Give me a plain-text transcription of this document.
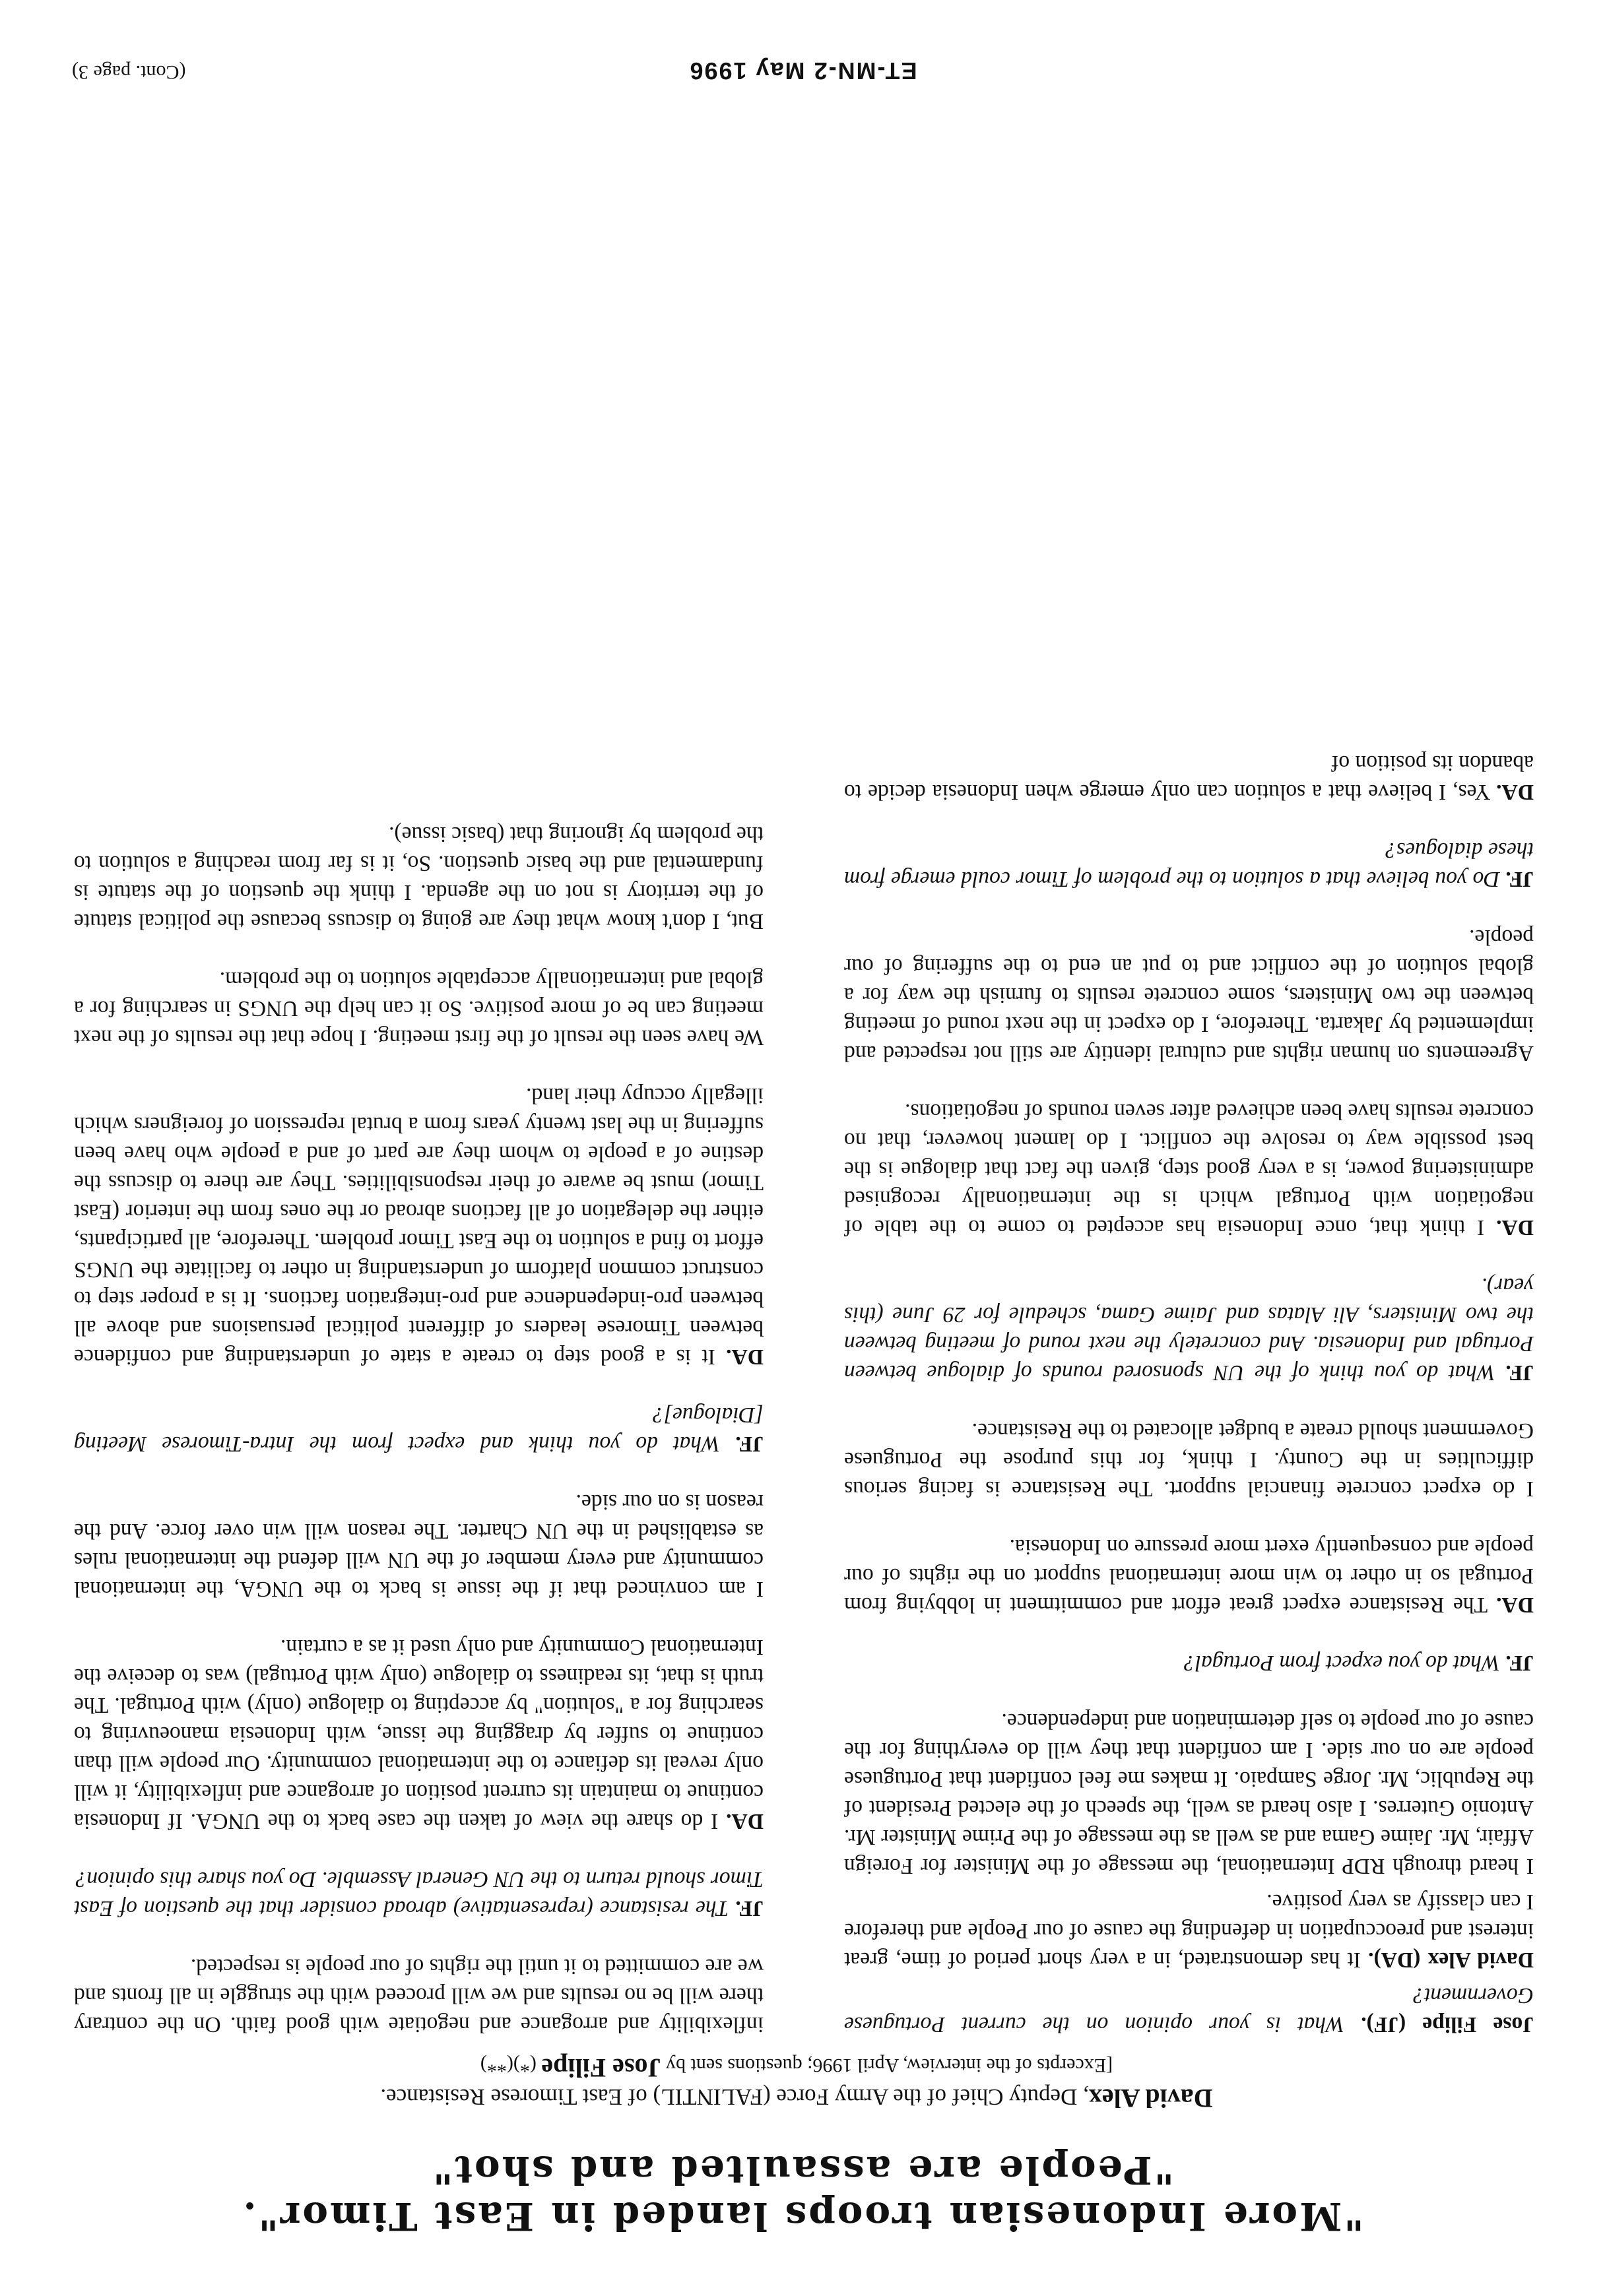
"More Indonesian troops landed in East Timor".
"People are assaulted and shot"
David Alex, Deputy Chief of the Army Force (FALINTIL) of East Timorese Resistance.
[Excerpts of the interview, April 1996; questions sent by Jose Filipe (*)(**)

Jose Filipe (JF). What is your opinion on the current Portuguese Government?

David Alex (DA). It has demonstrated, in a very short period of time, great interest and preoccupation in defending the cause of our People and therefore I can classify as very positive.

I heard through RDP International, the message of the Minister for Foreign Affair, Mr. Jaime Gama and as well as the message of the Prime Minister Mr. Antonio Guterres. I also heard as well, the speech of the elected President of the Republic, Mr. Jorge Sampaio. It makes me feel confident that Portuguese people are on our side. I am confident that they will do everything for the cause of our people to self determination and independence.

JF. What do you expect from Portugal?

DA. The Resistance expect great effort and commitment in lobbying from Portugal so in other to win more international support on the rights of our people and consequently exert more pressure on Indonesia.

I do expect concrete financial support. The Resistance is facing serious difficulties in the County. I think, for this purpose the Portuguese Government should create a budget allocated to the Resistance.

JF. What do you think of the UN sponsored rounds of dialogue between Portugal and Indonesia. And concretely the next round of meeting between the two Ministers, Ali Alatas and Jaime Gama, schedule for 29 June (this year).

DA. I think that, once Indonesia has accepted to come to the table of negotiation with Portugal which is the internationally recognised administering power, is a very good step, given the fact that dialogue is the best possible way to resolve the conflict. I do lament however, that no concrete results have been achieved after seven rounds of negotiations.

Agreements on human rights and cultural identity are still not respected and implemented by Jakarta. Therefore, I do expect in the next round of meeting between the two Ministers, some concrete results to furnish the way for a global solution of the conflict and to put an end to the suffering of our people.

JF. Do you believe that a solution to the problem of Timor could emerge from these dialogues?

DA. Yes, I believe that a solution can only emerge when Indonesia decide to abandon its position of

inflexibility and arrogance and negotiate with good faith. On the contrary there will be no results and we will proceed with the struggle in all fronts and we are committed to it until the rights of our people is respected.

JF. The resistance (representative) abroad consider that the question of East Timor should return to the UN General Assemble. Do you share this opinion?

DA. I do share the view of taken the case back to the UNGA. If Indonesia continue to maintain its current position of arrogance and inflexibility, it will only reveal its defiance to the international community. Our people will than continue to suffer by dragging the issue, with Indonesia manoeuvring to searching for a "solution" by accepting to dialogue (only) with Portugal. The truth is that, its readiness to dialogue (only with Portugal) was to deceive the International Community and only used it as a curtain.

I am convinced that if the issue is back to the UNGA, the international community and every member of the UN will defend the international rules as established in the UN Charter. The reason will win over force. And the reason is on our side.

JF. What do you think and expect from the Intra-Timorese Meeting [Dialogue]?

DA. It is a good step to create a state of understanding and confidence between Timorese leaders of different political persuasions and above all between pro-independence and pro-integration factions. It is a proper step to construct common platform of understanding in other to facilitate the UNGS effort to find a solution to the East Timor problem. Therefore, all participants, either the delegation of all factions abroad or the ones from the interior (East Timor) must be aware of their responsibilities. They are there to discuss the destine of a people to whom they are part of and a people who have been suffering in the last twenty years from a brutal repression of foreigners which illegally occupy their land.

We have seen the result of the first meeting. I hope that the results of the next meeting can be of more positive. So it can help the UNGS in searching for a global and internationally acceptable solution to the problem.

But, I don't know what they are going to discuss because the political statute of the territory is not on the agenda. I think the question of the statute is fundamental and the basic question. So, it is far from reaching a solution to the problem by ignoring that (basic issue).

ET-MN-2 May 1996
(Cont. page 3)
